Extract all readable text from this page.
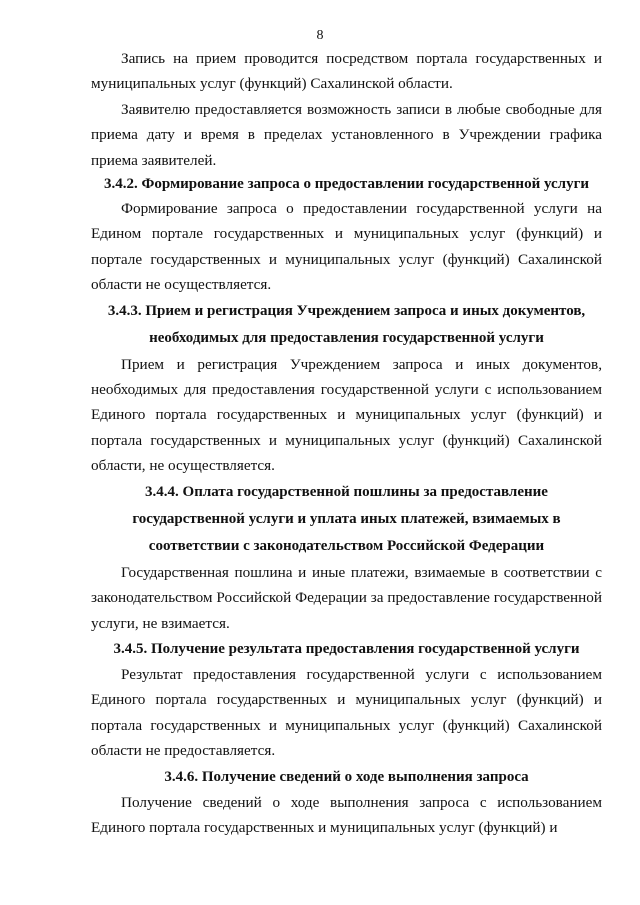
8

Запись на прием проводится посредством портала государственных и муниципальных услуг (функций) Сахалинской области.

Заявителю предоставляется возможность записи в любые свободные для приема дату и время в пределах установленного в Учреждении графика приема заявителей.

3.4.2. Формирование запроса о предоставлении государственной услуги

Формирование запроса о предоставлении государственной услуги на Едином портале государственных и муниципальных услуг (функций) и портале государственных и муниципальных услуг (функций) Сахалинской области не осуществляется.

3.4.3. Прием и регистрация Учреждением запроса и иных документов, необходимых для предоставления государственной услуги

Прием и регистрация Учреждением запроса и иных документов, необходимых для предоставления государственной услуги с использованием Единого портала государственных и муниципальных услуг (функций) и портала государственных и муниципальных услуг (функций) Сахалинской области, не осуществляется.

3.4.4. Оплата государственной пошлины за предоставление государственной услуги и уплата иных платежей, взимаемых в соответствии с законодательством Российской Федерации

Государственная пошлина и иные платежи, взимаемые в соответствии с законодательством Российской Федерации за предоставление государственной услуги, не взимается.

3.4.5. Получение результата предоставления государственной услуги

Результат предоставления государственной услуги с использованием Единого портала государственных и муниципальных услуг (функций) и портала государственных и муниципальных услуг (функций) Сахалинской области не предоставляется.

3.4.6. Получение сведений о ходе выполнения запроса

Получение сведений о ходе выполнения запроса с использованием Единого портала государственных и муниципальных услуг (функций) и
